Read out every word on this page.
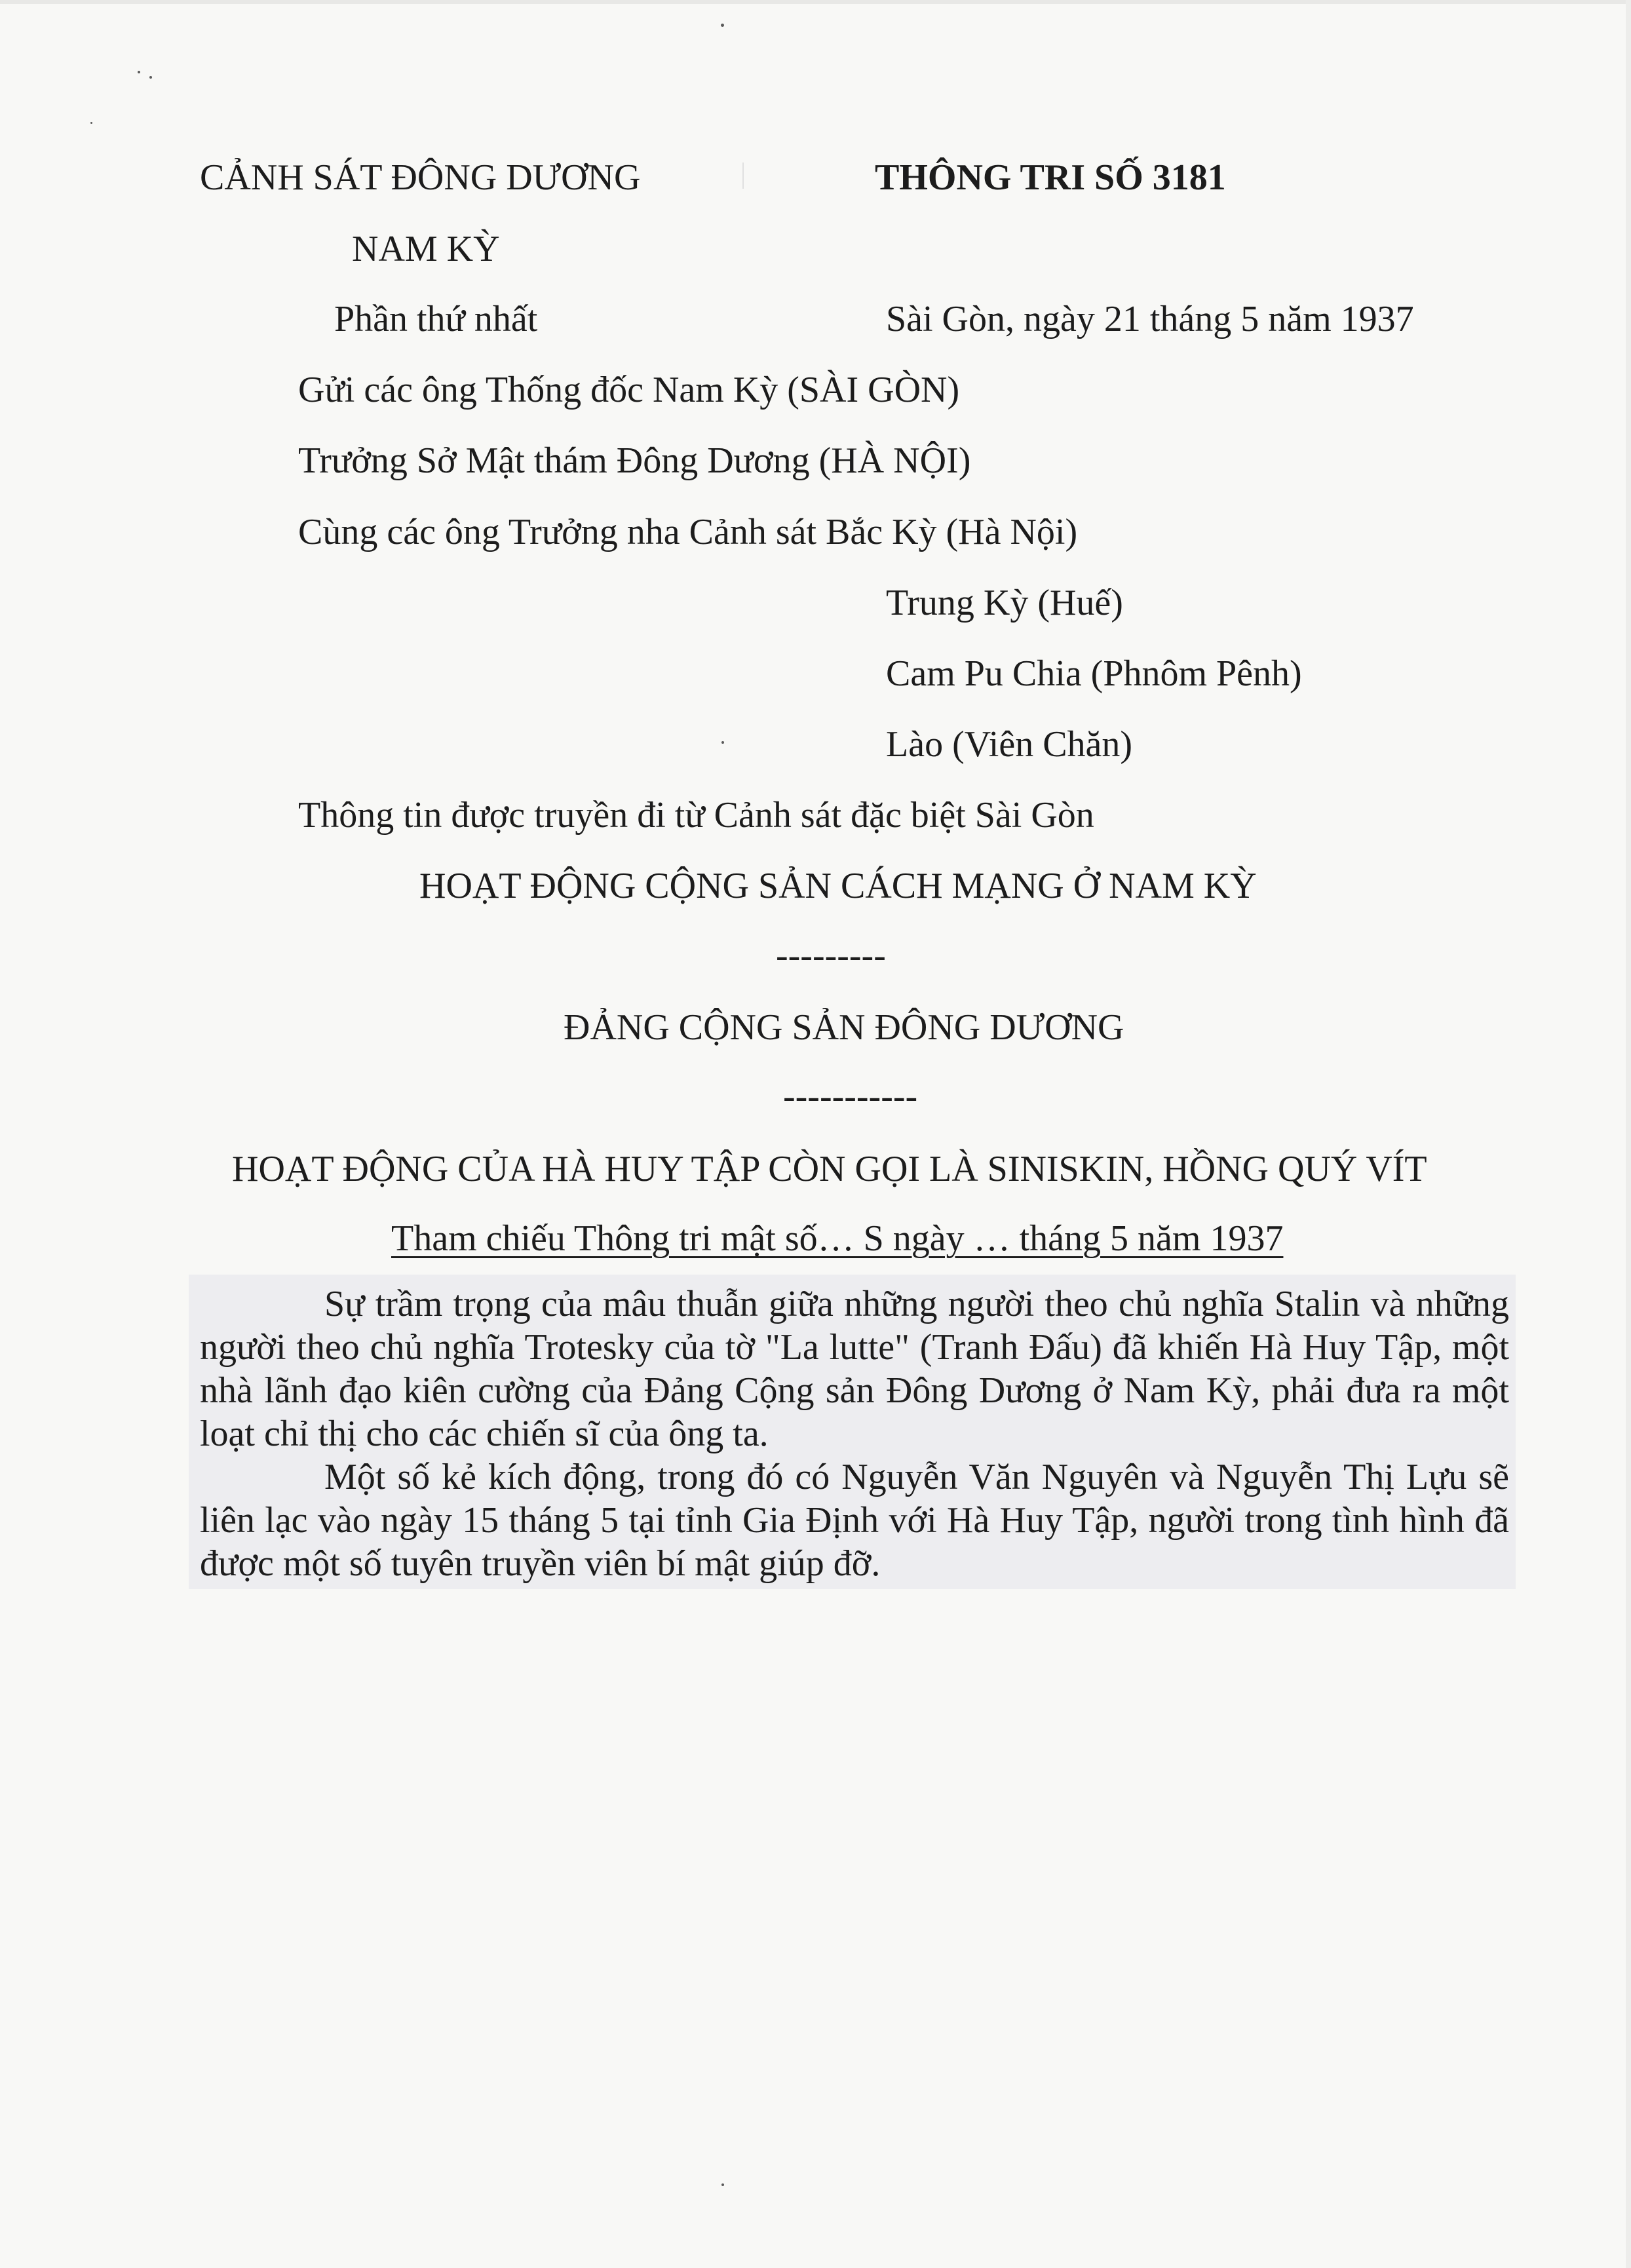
CẢNH SÁT ĐÔNG DƯƠNG	THÔNG TRI SỐ 3181
NAM KỲ
Phần thứ nhất	Sài Gòn, ngày 21 tháng 5 năm 1937
Gửi các ông Thống đốc Nam Kỳ (SÀI GÒN)
Trưởng Sở Mật thám Đông Dương (HÀ NỘI)
Cùng các ông Trưởng nha Cảnh sát Bắc Kỳ (Hà Nội)
Trung Kỳ (Huế)
Cam Pu Chia (Phnôm Pênh)
Lào (Viên Chăn)
Thông tin được truyền đi từ Cảnh sát đặc biệt Sài Gòn
HOẠT ĐỘNG CỘNG SẢN CÁCH MẠNG Ở NAM KỲ
---------
ĐẢNG CỘNG SẢN ĐÔNG DƯƠNG
-----------
HOẠT ĐỘNG CỦA HÀ HUY TẬP CÒN GỌI LÀ SINISKIN, HỒNG QUÝ VÍT
Tham chiếu Thông tri mật số… S ngày … tháng 5 năm 1937
Sự trầm trọng của mâu thuẫn giữa những người theo chủ nghĩa Stalin và những người theo chủ nghĩa Trotesky của tờ "La lutte" (Tranh Đấu) đã khiến Hà Huy Tập, một nhà lãnh đạo kiên cường của Đảng Cộng sản Đông Dương ở Nam Kỳ, phải đưa ra một loạt chỉ thị cho các chiến sĩ của ông ta.
Một số kẻ kích động, trong đó có Nguyễn Văn Nguyên và Nguyễn Thị Lựu sẽ liên lạc vào ngày 15 tháng 5 tại tỉnh Gia Định với Hà Huy Tập, người trong tình hình đã được một số tuyên truyền viên bí mật giúp đỡ.
